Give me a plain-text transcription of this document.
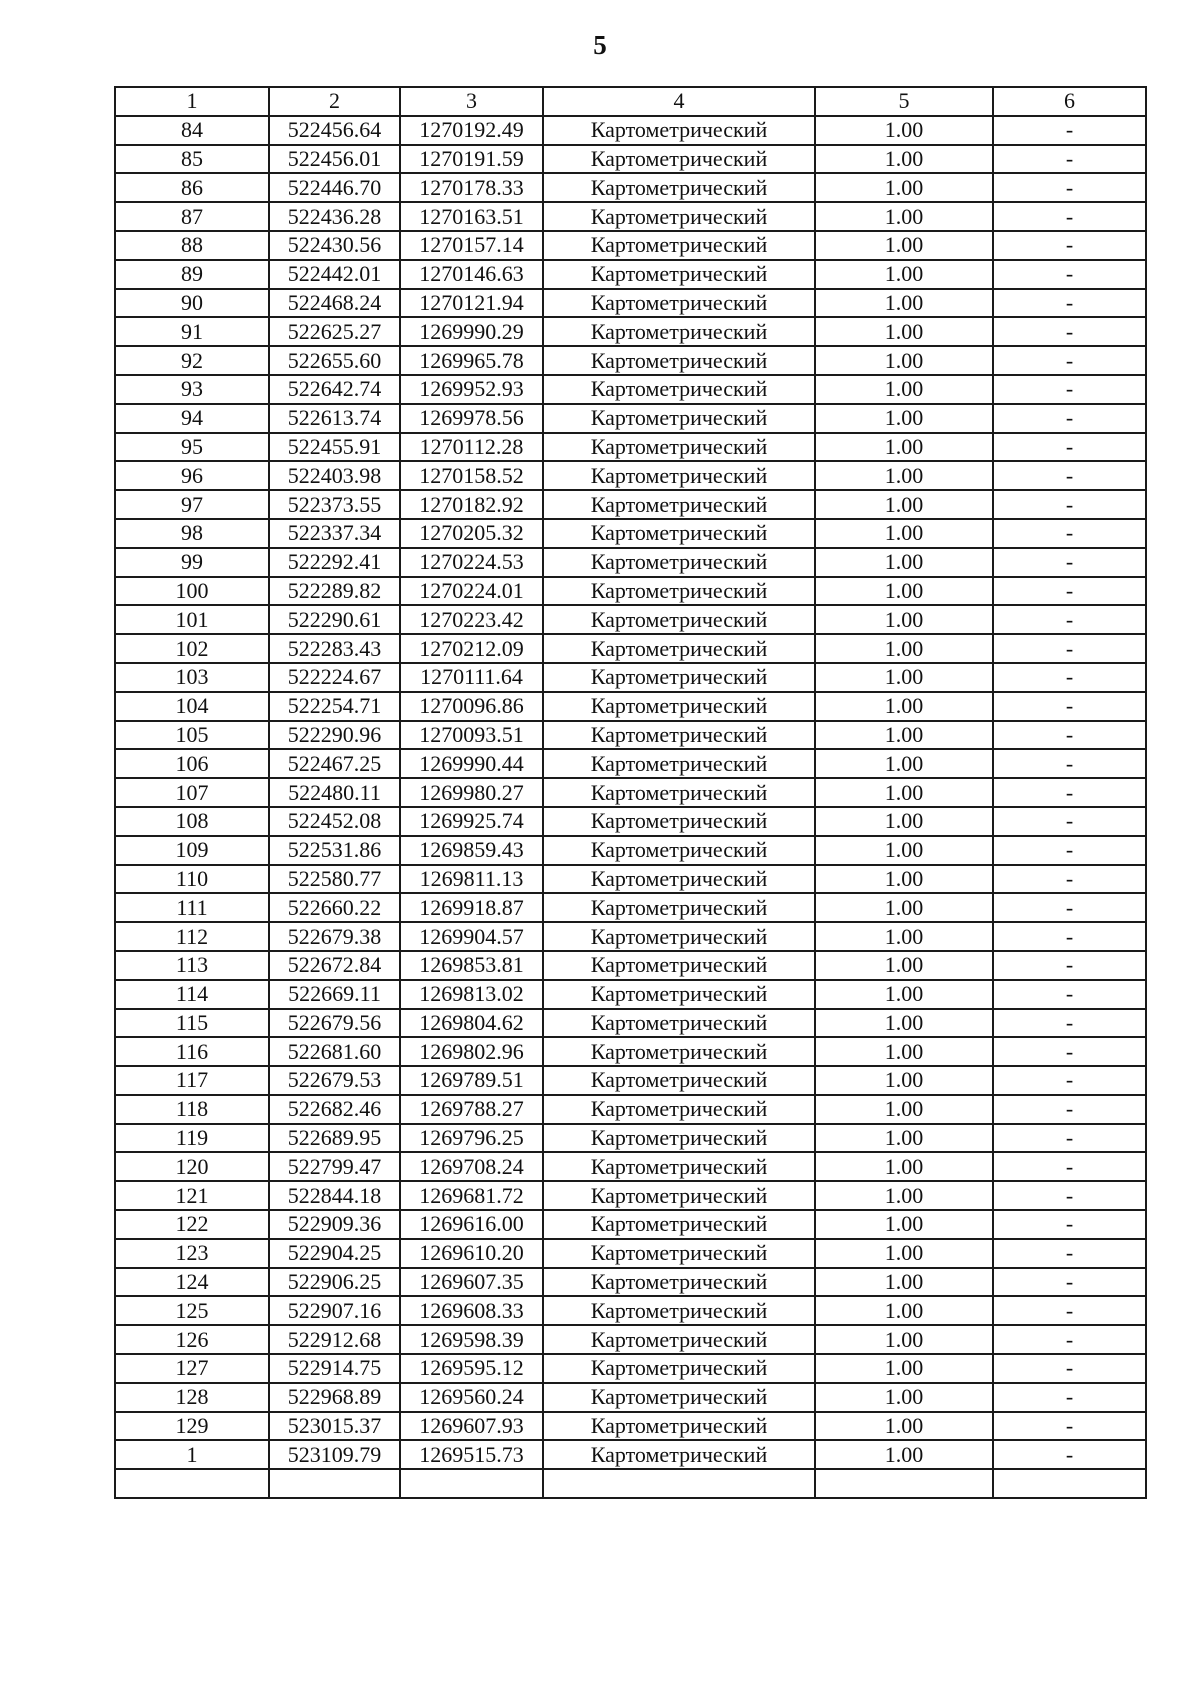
5
1	2	3	4	5	6
84	522456.64	1270192.49	Картометрический	1.00	-
85	522456.01	1270191.59	Картометрический	1.00	-
86	522446.70	1270178.33	Картометрический	1.00	-
87	522436.28	1270163.51	Картометрический	1.00	-
88	522430.56	1270157.14	Картометрический	1.00	-
89	522442.01	1270146.63	Картометрический	1.00	-
90	522468.24	1270121.94	Картометрический	1.00	-
91	522625.27	1269990.29	Картометрический	1.00	-
92	522655.60	1269965.78	Картометрический	1.00	-
93	522642.74	1269952.93	Картометрический	1.00	-
94	522613.74	1269978.56	Картометрический	1.00	-
95	522455.91	1270112.28	Картометрический	1.00	-
96	522403.98	1270158.52	Картометрический	1.00	-
97	522373.55	1270182.92	Картометрический	1.00	-
98	522337.34	1270205.32	Картометрический	1.00	-
99	522292.41	1270224.53	Картометрический	1.00	-
100	522289.82	1270224.01	Картометрический	1.00	-
101	522290.61	1270223.42	Картометрический	1.00	-
102	522283.43	1270212.09	Картометрический	1.00	-
103	522224.67	1270111.64	Картометрический	1.00	-
104	522254.71	1270096.86	Картометрический	1.00	-
105	522290.96	1270093.51	Картометрический	1.00	-
106	522467.25	1269990.44	Картометрический	1.00	-
107	522480.11	1269980.27	Картометрический	1.00	-
108	522452.08	1269925.74	Картометрический	1.00	-
109	522531.86	1269859.43	Картометрический	1.00	-
110	522580.77	1269811.13	Картометрический	1.00	-
111	522660.22	1269918.87	Картометрический	1.00	-
112	522679.38	1269904.57	Картометрический	1.00	-
113	522672.84	1269853.81	Картометрический	1.00	-
114	522669.11	1269813.02	Картометрический	1.00	-
115	522679.56	1269804.62	Картометрический	1.00	-
116	522681.60	1269802.96	Картометрический	1.00	-
117	522679.53	1269789.51	Картометрический	1.00	-
118	522682.46	1269788.27	Картометрический	1.00	-
119	522689.95	1269796.25	Картометрический	1.00	-
120	522799.47	1269708.24	Картометрический	1.00	-
121	522844.18	1269681.72	Картометрический	1.00	-
122	522909.36	1269616.00	Картометрический	1.00	-
123	522904.25	1269610.20	Картометрический	1.00	-
124	522906.25	1269607.35	Картометрический	1.00	-
125	522907.16	1269608.33	Картометрический	1.00	-
126	522912.68	1269598.39	Картометрический	1.00	-
127	522914.75	1269595.12	Картометрический	1.00	-
128	522968.89	1269560.24	Картометрический	1.00	-
129	523015.37	1269607.93	Картометрический	1.00	-
1	523109.79	1269515.73	Картометрический	1.00	-
